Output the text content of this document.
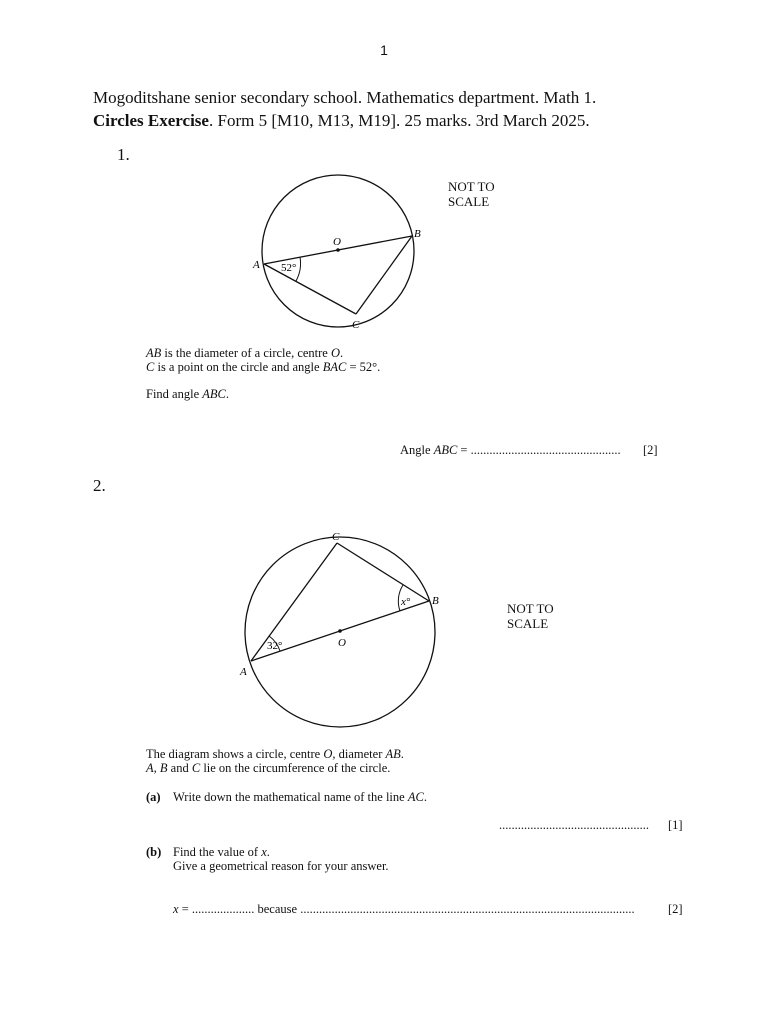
1
Mogoditshane senior secondary school. Mathematics department. Math 1.
Circles Exercise. Form 5 [M10, M13, M19]. 25 marks. 3rd March 2025.
1.
NOT TO
SCALE
A
B
C
O
52°
AB is the diameter of a circle, centre O.
C is a point on the circle and angle BAC = 52°.
Find angle ABC.
Angle ABC = ................................................ [2]
2.
NOT TO
SCALE
A
B
C
O
32°
x°
The diagram shows a circle, centre O, diameter AB.
A, B and C lie on the circumference of the circle.
(a) Write down the mathematical name of the line AC.
................................................ [1]
(b) Find the value of x.
Give a geometrical reason for your answer.
x = .................... because ...........................................................................................................	[2]
